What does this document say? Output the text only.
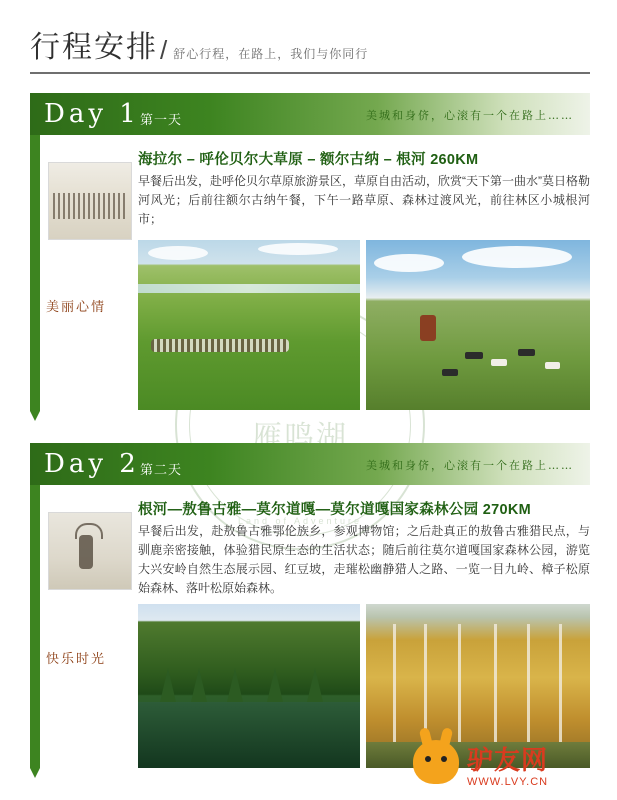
行程安排/ 舒心行程，在路上，我们与你同行
雁鸣湖
Land of Adventure
Day 1 第一天	美城和身侪，心滚有一个在路上……
美丽心情
海拉尔 – 呼伦贝尔大草原 – 额尔古纳 – 根河 260KM
早餐后出发，赴呼伦贝尔草原旅游景区，草原自由活动，欣赏“天下第一曲水”莫日格勒河风光；后前往额尔古纳午餐，下午一路草原、森林过渡风光，前往林区小城根河市；
Day 2 第二天	美城和身侪，心滚有一个在路上……
快乐时光
根河—敖鲁古雅—莫尔道嘎—莫尔道嘎国家森林公园 270KM
早餐后出发，赴敖鲁古雅鄂伦族乡，参观博物馆；之后赴真正的敖鲁古雅猎民点，与驯鹿亲密接触，体验猎民原生态的生活状态；随后前往莫尔道嘎国家森林公园，游览大兴安岭自然生态展示园、红豆坡，走璀松幽静猎人之路、一览一目九岭、樟子松原始森林、落叶松原始森林。
驴友网
WWW.LVY.CN
